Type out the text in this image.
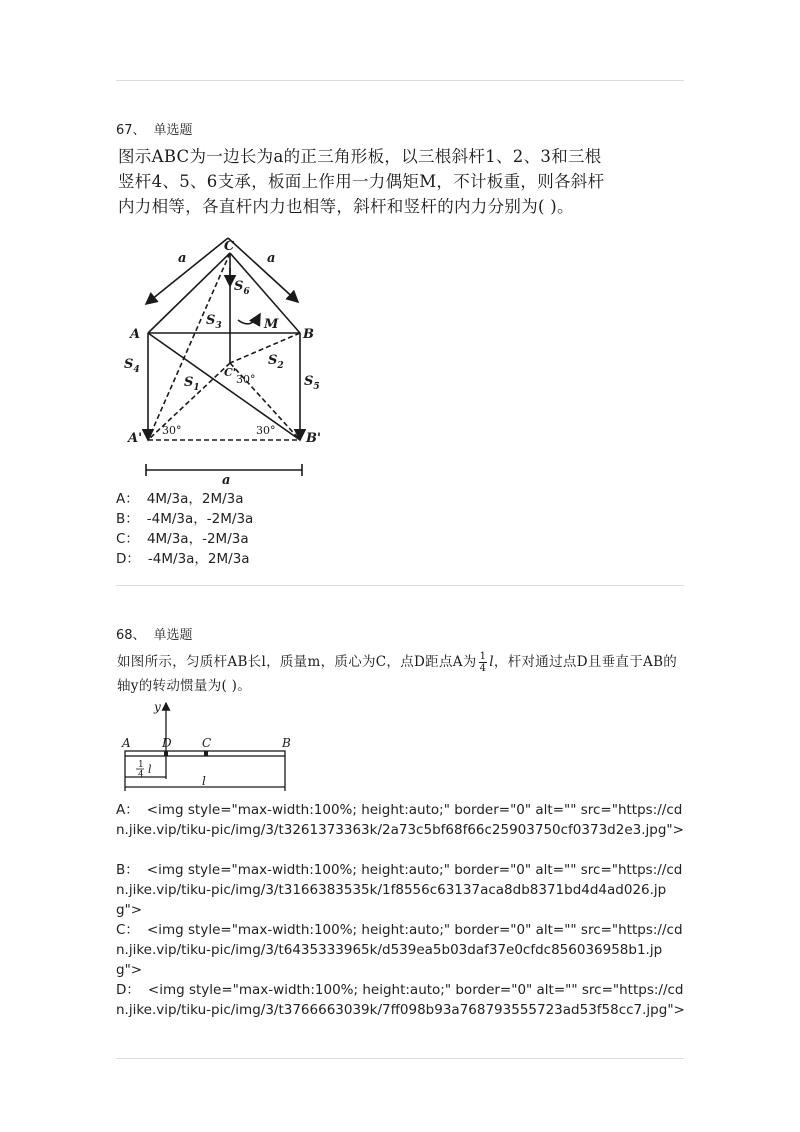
67、 单选题
图示ABC为一边长为a的正三角形板，以三根斜杆1、2、3和三根
竖杆4、5、6支承，板面上作用一力偶矩M，不计板重，则各斜杆
内力相等，各直杆内力也相等，斜杆和竖杆的内力分别为( )。
C
A	B
A'	B'
C'
a	a
a
M
$S_6$
$S_3$
$S_2$
$S_1$
$S_4$
$S_5$
30°
30°	30°
A： 4M/3a，2M/3a
B： -4M/3a，-2M/3a
C： 4M/3a，-2M/3a
D： -4M/3a，2M/3a
68、 单选题
如图所示，匀质杆AB长l，质量m，质心为C，点D距点A为 $\frac{1}{4}$ l，杆对通过点D且垂直于AB的
轴y的转动惯量为( )。
y
A	D	C	B
l
1
4 l
A： <img style="max-width:100%; height:auto;" border="0" alt="" src="https://cdn.jike.vip/tiku-pic/img/3/t3261373363k/2a73c5bf68f66c25903750cf0373d2e3.jpg">
B： <img style="max-width:100%; height:auto;" border="0" alt="" src="https://cdn.jike.vip/tiku-pic/img/3/t3166383535k/1f8556c63137aca8db8371bd4d4ad026.jpg">
C： <img style="max-width:100%; height:auto;" border="0" alt="" src="https://cdn.jike.vip/tiku-pic/img/3/t6435333965k/d539ea5b03daf37e0cfdc856036958b1.jpg">
D： <img style="max-width:100%; height:auto;" border="0" alt="" src="https://cdn.jike.vip/tiku-pic/img/3/t3766663039k/7ff098b93a768793555723ad53f58cc7.jpg">
